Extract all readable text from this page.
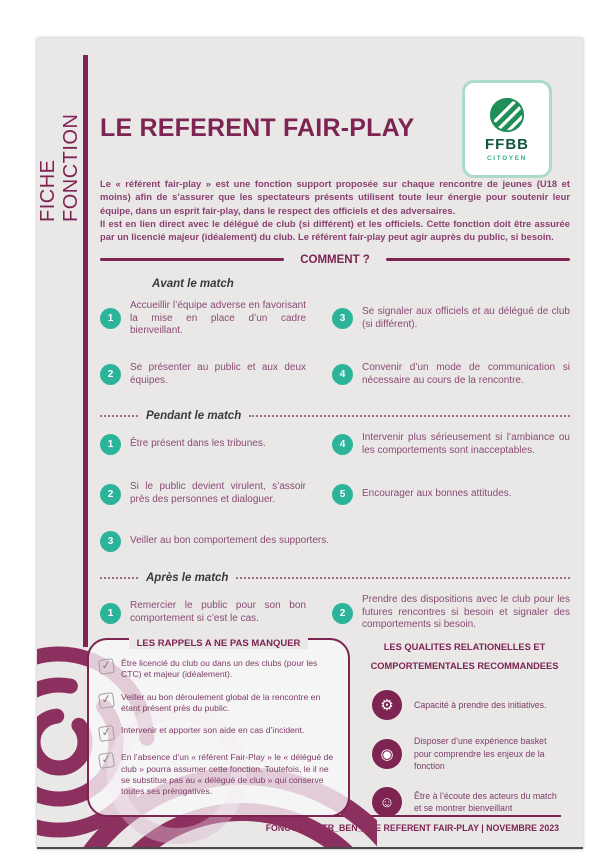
FICHE FONCTION	FFBB
CITOYEN
LE REFERENT FAIR-PLAY

Le « référent fair-play » est une fonction support proposée sur chaque rencontre de jeunes (U18 et moins) afin de s’assurer que les spectateurs présents utilisent toute leur énergie pour soutenir leur équipe, dans un esprit fair-play, dans le respect des officiels et des adversaires.

Il est en lien direct avec le délégué de club (si différent) et les officiels. Cette fonction doit être assurée par un licencié majeur (idéalement) du club. Le référent fair-play peut agir auprès du public, si besoin.

COMMENT ?
Avant le match
1

Accueillir l’équipe adverse en favorisant la mise en place d’un cadre bienveillant.

3

Se signaler aux officiels et au délégué de club (si différent).

2

Se présenter au public et aux deux équipes.	4

Convenir d’un mode de communication si nécessaire au cours de la rencontre.

Pendant le match
1	Être présent dans les tribunes.	4

Intervenir plus sérieusement si l’ambiance ou les comportements sont inacceptables.

2

Si le public devient virulent, s’assoir près des personnes et dialoguer.	5	Encourager aux bonnes attitudes.

3	Veiller au bon comportement des supporters.

Après le match
1

Remercier le public pour son bon comportement si c’est le cas.	2

Prendre des dispositions avec le club pour les futures rencontres si besoin et signaler des comportements si besoin.

LES RAPPELS A NE PAS MANQUER
✓

Être licencié du club ou dans un des clubs (pour les CTC) et majeur (idéalement).

✓

Veiller au bon déroulement global de la rencontre en étant présent près du public.

✓

Intervenir et apporter son aide en cas d’incident.

✓

En l’absence d’un « référent Fair-Play » le « délégué de club » pourra assumer cette fonction. Toutefois, le il ne se substitue pas au « délégué de club » qui conserve toutes ses prérogatives.

LES QUALITES RELATIONELLES ET
COMPORTEMENTALES RECOMMANDEES
⚙	Capacité à prendre des initiatives.

◉

Disposer d’une expérience basket pour comprendre les enjeux de la fonction

☺	Être à l’écoute des acteurs du match et se montrer bienveillant

FONCTION_STR_BEN_2 LE REFERENT FAIR-PLAY | NOVEMBRE 2023
